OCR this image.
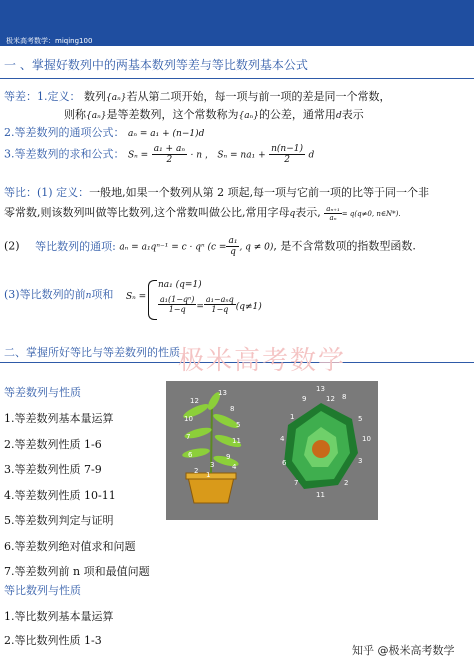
极米高考数学：miqing100
一 、掌握好数列中的两基本数列等差与等比数列基本公式
等差：1.定义： 数列{aₙ}若从第二项开始，每一项与前一项的差是同一个常数，
则称{aₙ}是等差数列，这个常数称为{aₙ}的公差，通常用d表示
2.等差数列的通项公式： aₙ = a₁ + (n−1)d
3.等差数列的求和公式： $S_n = \frac{\text{a₁ + aₙ}}{2} \cdot n$ ， $S_n = na_1 + \frac{n(n-1)}{2}$ d
等比：(1) 定义：一般地,如果一个数列从第 2 项起,每一项与它前一项的比等于同一个非
零常数,则该数列叫做等比数列,这个常数叫做公比,常用字母q表示, $\frac{\text{aₙ₊₁}}{\text{aₙ}} = q(q\ne 0$, n∈N*).
(2) 等比数列的通项: aₙ = a₁qⁿ⁻¹ = c · qⁿ ($c = \frac{\text{a₁}}{q}$ , q ≠ 0), 是不含常数项的指数型函数.
(3)等比数列的前n项和 Sₙ =
na₁ (q=1)
$\frac{\text{a₁(1−qⁿ)}}{1-q} = \frac{\text{a₁−aₙq}}{1-q} (q\ne 1)$
二、掌握所好等比与等差数列的性质
极米高考数学
等差数列与性质
1.等差数列基本量运算
2.等差数列性质 1-6
3.等差数列性质 7-9
4.等差数列性质 10-11
5.等差数列判定与证明
6.等差数列绝对值求和问题
7.等差数列前 n 项和最值问题
等比数列与性质
1.等比数列基本量运算
2.等比数列性质 1-3
12
13
8
10
5
7	11
9
6
4
3
2 1
13
8
5
10
3
2
11
7
6
4
1
9	12
知乎 @极米高考数学
